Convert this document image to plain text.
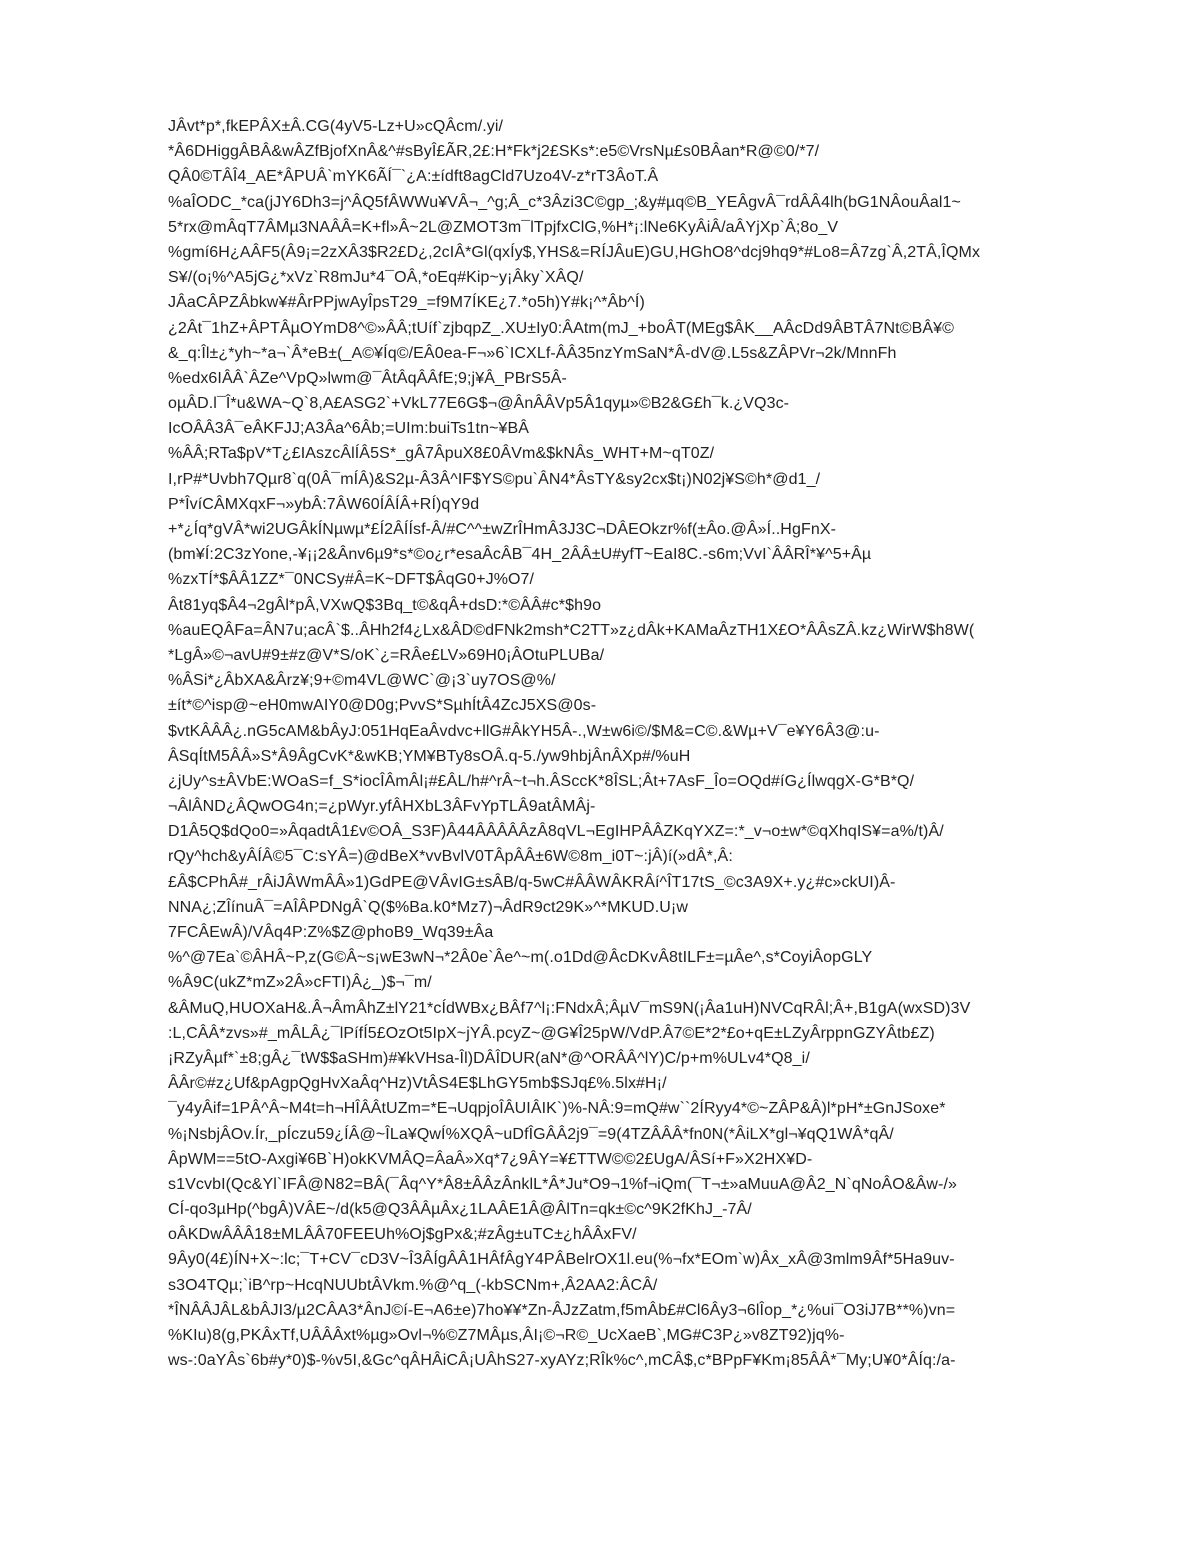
JÂvt*p*,fkEPÂX±Â.CG(4yV5-Lz+U»cQÂcm/.yi/
*Â6DHiggÂBÂ&wÂZfBjofXnÂ&^#sByÎ£ÃR,2£:H*Fk*j2£SKs*:e5©VrsNµ£s0BÂan*R@©0/*7/
QÂ0©TÂÎ4_AE*ÂPUÂ`mYK6ÃÍ¯`¿A:±ídft8agCld7Uzo4V-z*rT3ÂoT.Â
%aÎODC_*ca(jJY6Dh3=j^ÂQ5fÂWWu¥VÂ¬_^g;Â_c*3Âzi3C©gp_;&y#µq©B_YEÂgvÂ¯rdÂÂ4lh(bG1NÂouÂal1~
5*rx@mÂqT7ÂMµ3NAÂÂ=K+fl»Â~2L@ZMOT3m¯lTpjfxClG,%H*¡:lNe6KyÂiÂ/aÂYjXp`Â;8o_V
%gmí6H¿AÂF5(Â9¡=2zXÂ3$R2£D¿,2cIÂ*Gl(qxÍy$,YHS&=RÍJÂuE)GU,HGhO8^dcj9hq9*#Lo8=Â7zg`Â,2TÂ,ÎQMx
S¥/(o¡%^A5jG¿*xVz`R8mJu*4¯OÂ,*oEq#Kip~y¡Âky`XÂQ/
JÂaCÂPZÂbkw¥#ÂrPPjwAyÎpsT29_=f9M7ÍKE¿7.*o5h)Y#k¡^*Âb^Í)
¿2Ât¯1hZ+ÂPTÂµOYmD8^©»ÂÂ;tUíf`zjbqpZ_.XU±Iy0:ÂAtm(mJ_+boÂT(MEg$ÂK__AÂcDd9ÂBTÂ7Nt©BÂ¥©
&_q:Îl±¿*yh~*a¬`Â*eB±(_A©¥Íq©/EÂ0ea-F¬»6`ICXLf-ÂÂ35nzYmSaN*Â-dV@.L5s&ZÂPVr¬2k/MnnFh
%edx6IÂÂ`ÂZe^VpQ»lwm@¯ÂtÂqÂÂfE;9;j¥Â_PBrS5Â-
oµÂD.l¯Î*u&WA~Q`8,A£ASG2`+VkL77E6G$¬@ÂnÂÂVp5Â1qyµ»©B2&G£h¯k.¿VQ3c-
IcOÂÂ3Â¯eÂKFJJ;A3Âa^6Âb;=UIm:buiTs1tn~¥BÂ
%ÂÂ;RTa$pV*T¿£IAszcÂlÍÂ5S*_gÂ7ÂpuX8£0ÂVm&$kNÂs_WHT+M~qT0Z/
I,rP#*Uvbh7Qµr8`q(0Â¯mÍÂ)&S2µ-Â3Â^IF$YS©pu`ÂN4*ÂsTY&sy2cx$t¡)N02j¥S©h*@d1_/
P*ÎvíCÂMXqxF¬»ybÂ:7ÂW60ÍÂÍÂ+RÍ)qY9d
+*¿Íq*gVÂ*wi2UGÂkÍNµwµ*£Í2ÂÍÍsf-Â/#C^^±wZrÎHmÂ3J3C¬DÂEOkzr%f(±Âo.@Â»Í..HgFnX-
(bm¥Í:2C3zYone,-¥¡¡2&Ânv6µ9*s*©o¿r*esaÂcÂB¯4H_2ÂÂ±U#yfT~EaI8C.-s6m;VvI`ÂÂRÎ*¥^5+Âµ
%zxTÍ*$ÂÂ1ZZ*¯0NCSy#Â=K~DFT$ÂqG0+J%O7/
Ât81yq$Â4¬2gÂl*pÂ,VXwQ$3Bq_t©&qÂ+dsD:*©ÂÂ#c*$h9o
%auEQÂFa=ÂN7u;acÂ`$..ÂHh2f4¿Lx&ÂD©dFNk2msh*C2TT»z¿dÂk+KAMaÂzTH1X£O*ÂÂsZÂ.kz¿WirW$h8W(
*LgÂ»©¬avU#9±#z@V*S/oK`¿=RÂe£LV»69H0¡ÂOtuPLUBa/
%ÂSi*¿ÂbXA&Ârz¥;9+©m4VL@WC`@¡3`uy7OS@%/
±ít*©^isp@~eH0mwAIY0@D0g;PvvS*SµhÍtÂ4ZcJ5XS@0s-
$vtKÂÂÂ¿.nG5cAM&bÂyJ:051HqEaÂvdvc+llG#ÂkYH5Â-.,W±w6i©/$M&=C©.&Wµ+V¯e¥Y6Â3@:u-
ÂSqÍtM5ÂÂ»S*Â9ÂgCvK*&wKB;YM¥BTy8sOÂ.q-5./yw9hbjÂnÂXp#/%uH
¿jUy^s±ÂVbE:WOaS=f_S*iocÎÂmÂl¡#£ÂL/h#^rÂ~t¬h.ÂSccK*8ÎSL;Ât+7AsF_Îo=OQd#íG¿ÍlwqgX-G*B*Q/
¬ÂlÂND¿ÂQwOG4n;=¿pWyr.yfÂHXbL3ÂFvYpTLÂ9atÂMÂj-
D1Â5Q$dQo0=»ÂqadtÂ1£v©OÂ_S3F)Â44ÂÂÂÂÂzÂ8qVL¬EgIHPÂÂZKqYXZ=:*_v¬o±w*©qXhqIS¥=a%/t)Â/
rQy^hch&yÂÍÂ©5¯C:sYÂ=)@dBeX*vvBvlV0TÂpÂÂ±6W©8m_i0T~:jÂ)í(»dÂ*,Â:
£Â$CPhÂ#_rÂiJÂWmÂÂ»1)GdPE@VÂvIG±sÂB/q-5wC#ÂÂWÂKRÂí^ÎT17tS_©c3A9X+.y¿#c»ckUI)Â-
NNA¿;ZÎínuÂ¯=AÎÂPDNgÂ`Q($%Ba.k0*Mz7)¬ÂdR9ct29K»^*MKUD.U¡w
7FCÂEwÂ)/VÂq4P:Z%$Z@phoB9_Wq39±Âa
%^@7Ea`©ÂHÂ~P,z(G©Â~s¡wE3wN¬*2Â0e`Âe^~m(.o1Dd@ÂcDKvÂ8tILF±=µÂe^,s*CoyiÂopGLY
%Â9C(ukZ*mZ»2Â»cFTI)Â¿_)$¬¯m/
&ÂMuQ,HUOXaH&.Â¬ÂmÂhZ±lY21*cÍdWBx¿BÂf7^l¡:FNdxÂ;ÂµV¯mS9N(¡Âa1uH)NVCqRÂl;Â+,B1gA(wxSD)3V
:L,CÂÂ*zvs»#_mÂLÂ¿¯lPífÍ5£OzOt5IpX~jYÂ.pcyZ~@G¥Î25pW/VdP.Â7©E*2*£o+qE±LZyÂrppnGZYÂtb£Z)
¡RZyÂµf*`±8;gÂ¿¯tW$$aSHm)#¥kVHsa-Îl)DÂÎDUR(aN*@^ORÂÂ^lY)C/p+m%ULv4*Q8_i/
ÂÂr©#z¿Uf&pAgpQgHvXaÂq^Hz)VtÂS4E$LhGY5mb$SJq£%.5lx#H¡/
¯y4yÂif=1PÂ^Â~M4t=h¬HÎÂÂtUZm=*E¬UqpjoÎÂUIÂIK`)%-NÂ:9=mQ#w``2ÍRyy4*©~ZÂP&Â)l*pH*±GnJSoxe*
%¡NsbjÂOv.Ír,_pÍczu59¿ÍÂ@~ÎLa¥QwÍ%XQÂ~uDfÎGÂÂ2j9¯=9(4TZÂÂÂ*fn0N(*ÂiLX*gl¬¥qQ1WÂ*qÂ/
ÂpWM==5tO-Axgi¥6B`H)okKVMÂQ=ÂaÂ»Xq*7¿9ÂY=¥£TTW©©2£UgA/ÂSí+F»X2HX¥D-
s1VcvbI(Qc&Yl`IFÂ@N82=BÂ(¯Âq^Y*Â8±ÂÂzÂnklL*Â*Ju*O9¬1%f¬iQm(¯T¬±»aMuuA@Â2_N`qNoÂO&Âw-/»
CÍ-qo3µHp(^bgÂ)VÂE~/d(k5@Q3ÂÂµÂx¿1LAÂE1Â@ÂlTn=qk±©c^9K2fKhJ_-7Â/
oÂKDwÂÂÂ18±MLÂÂ70FEEUh%Oj$gPx&;#zÂg±uTC±¿hÂÂxFV/
9Ây0(4£)ÍN+X~:lc;¯T+CV¯cD3V~Î3ÂÍgÂÂ1HÂfÂgY4PÂBelrOX1l.eu(%¬fx*EOm`w)Âx_xÂ@3mlm9Âf*5Ha9uv-
s3O4TQµ;`iB^rp~HcqNUUbtÂVkm.%@^q_(-kbSCNm+,Â2AA2:ÂCÂ/
*ÎNÂÂJÂL&bÂJI3/µ2CÂA3*ÂnJ©í-E¬A6±e)7ho¥¥*Zn-ÂJzZatm,f5mÂb£#Cl6Ây3¬6lÎop_*¿%ui¯O3iJ7B**%)vn=
%KIu)8(g,PKÂxTf,UÂÂÂxt%µg»Ovl¬%©Z7MÂµs,ÂI¡©¬R©_UcXaeB`,MG#C3P¿»v8ZT92)jq%-
ws-:0aYÂs`6b#y*0)$-%v5I,&Gc^qÂHÂiCÂ¡UÂhS27-xyAYz;RÎk%c^,mCÂ$,c*BPpF¥Km¡85ÂÂ*¯My;U¥0*ÂÍq:/a-
